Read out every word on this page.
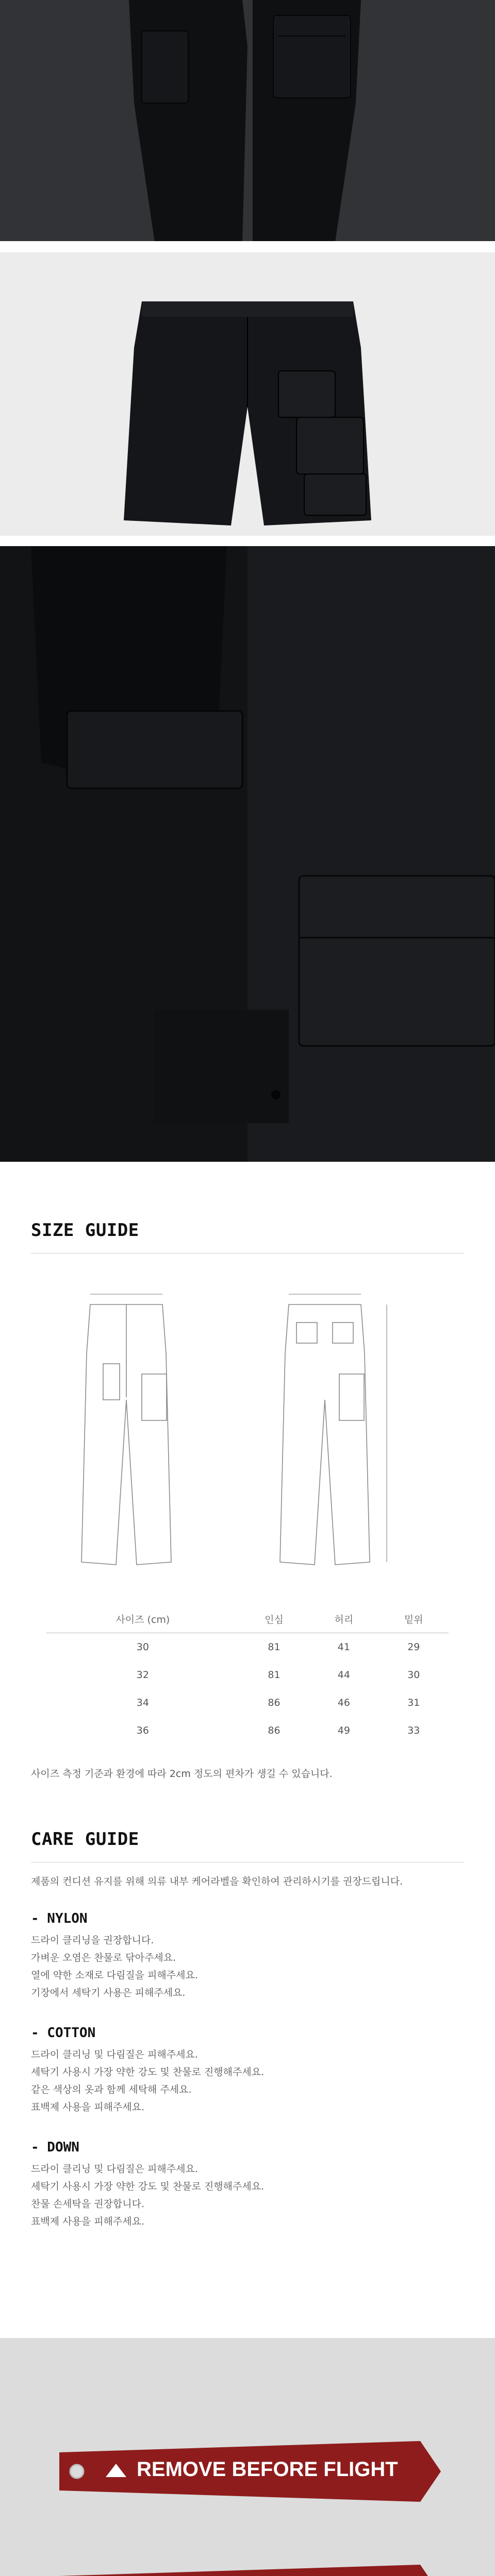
SIZE GUIDE
사이즈 (cm)	인심	허리	밑위
30	81	41	29
32	81	44	30
34	86	46	31
36	86	49	33
사이즈 측정 기준과 환경에 따라 2cm 정도의 편차가 생길 수 있습니다.
CARE GUIDE
제품의 컨디션 유지를 위해 의류 내부 케어라벨을 확인하여 관리하시기를 권장드립니다.
- NYLON
드라이 클리닝을 권장합니다.
가벼운 오염은 찬물로 닦아주세요.
열에 약한 소재로 다림질을 피해주세요.
기장에서 세탁기 사용은 피해주세요.
- COTTON
드라이 클리닝 및 다림질은 피해주세요.
세탁기 사용시 가장 약한 강도 및 찬물로 진행해주세요.
같은 색상의 옷과 함께 세탁해 주세요.
표백제 사용을 피해주세요.
- DOWN
드라이 클리닝 및 다림질은 피해주세요.
세탁기 사용시 가장 약한 강도 및 찬물로 진행해주세요.
찬물 손세탁을 권장합니다.
표백제 사용을 피해주세요.
REMOVE BEFORE FLIGHT
